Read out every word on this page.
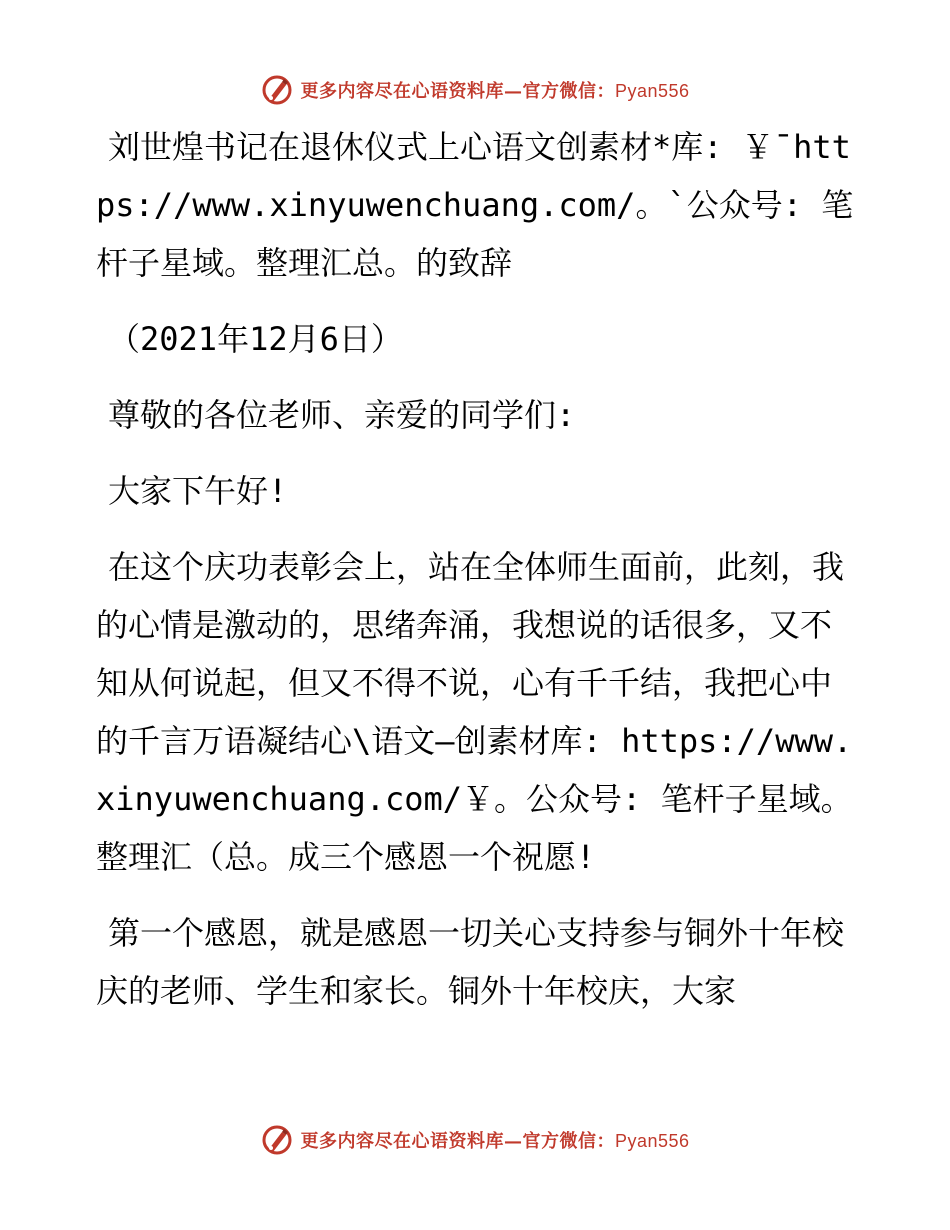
更多内容尽在心语资料库—官方微信：Pyan556

刘世煌书记在退休仪式上心语文创素材*库: ￥¯https://www.xinyuwenchuang.com/。`公众号: 笔杆子星域。整理汇总。的致辞

（2021年12月6日）

尊敬的各位老师、亲爱的同学们:

大家下午好!

在这个庆功表彰会上，站在全体师生面前，此刻，我的心情是激动的，思绪奔涌，我想说的话很多，又不知从何说起，但又不得不说，心有千千结，我把心中的千言万语凝结心\语文—创素材库: https://www.xinyuwenchuang.com/￥。公众号: 笔杆子星域。整理汇（总。成三个感恩一个祝愿!

第一个感恩，就是感恩一切关心支持参与铜外十年校庆的老师、学生和家长。铜外十年校庆，大家

更多内容尽在心语资料库—官方微信：Pyan556
